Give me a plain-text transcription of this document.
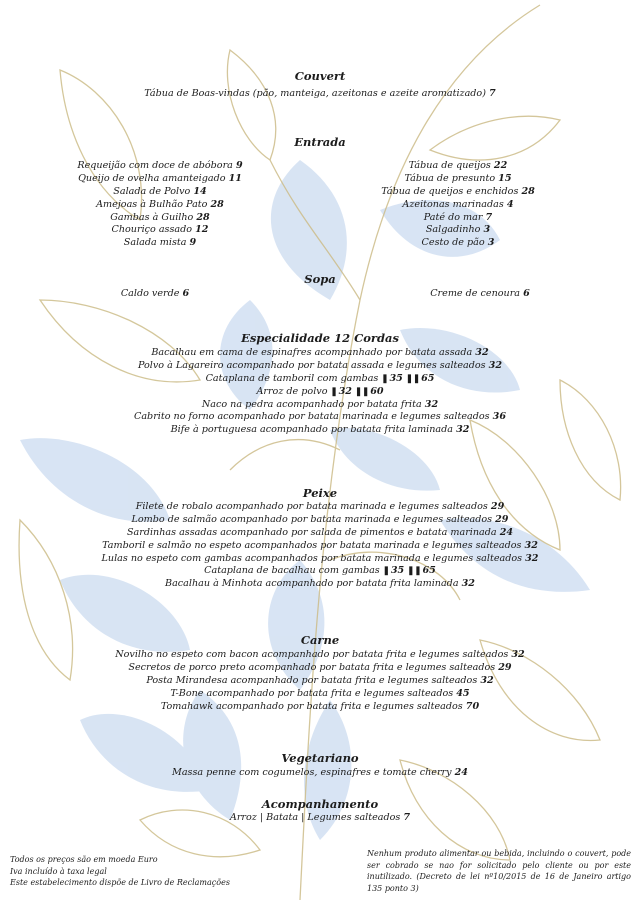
Couvert
Tábua de Boas-vindas (pão, manteiga, azeitonas e azeite aromatizado) 7
Entrada
Requeijão com doce de abóbora 9
Queijo de ovelha amanteigado 11
Salada de Polvo 14
Amejoas à Bulhão Pato 28
Gambas à Guilho 28
Chouriço assado 12
Salada mista 9
Tábua de queijos 22
Tábua de presunto 15
Tábua de queijos e enchidos 28
Azeitonas marinadas 4
Paté do mar 7
Salgadinho 3
Cesto de pão 3
Sopa
Caldo verde 6	Creme de cenoura 6
Especialidade 12 Cordas
Bacalhau em cama de espinafres acompanhado por batata assada 32
Polvo à Lagareiro acompanhado por batata assada e legumes salteados 32
Cataplana de tamboril com gambas ❚35 ❚❚65
Arroz de polvo ❚32 ❚❚60
Naco na pedra acompanhado por batata frita 32
Cabrito no forno acompanhado por batata marinada e legumes salteados 36
Bife à portuguesa acompanhado por batata frita laminada 32
Peixe
Filete de robalo acompanhado por batata marinada e legumes salteados 29
Lombo de salmão acompanhado por batata marinada e legumes salteados 29
Sardinhas assadas acompanhado por salada de pimentos e batata marinada 24
Tamboril e salmão no espeto acompanhados por batata marinada e legumes salteados 32
Lulas no espeto com gambas acompanhados por batata marinada e legumes salteados 32
Cataplana de bacalhau com gambas ❚35 ❚❚65
Bacalhau à Minhota acompanhado por batata frita laminada 32
Carne
Novilho no espeto com bacon acompanhado por batata frita e legumes salteados 32
Secretos de porco preto acompanhado por batata frita e legumes salteados 29
Posta Mirandesa acompanhado por batata frita e legumes salteados 32
T-Bone acompanhado por batata frita e legumes salteados 45
Tomahawk acompanhado por batata frita e legumes salteados 70
Vegetariano
Massa penne com cogumelos, espinafres e tomate cherry 24
Acompanhamento
Arroz | Batata | Legumes salteados 7
Todos os preços são em moeda Euro
Iva incluído à taxa legal
Este estabelecimento dispõe de Livro de Reclamações
Nenhum produto alimentar ou bebida, incluindo o couvert, pode ser cobrado se nao for solicitado pelo cliente ou por este inutilizado. (Decreto de lei nº10/2015 de 16 de Janeiro artigo 135 ponto 3)
